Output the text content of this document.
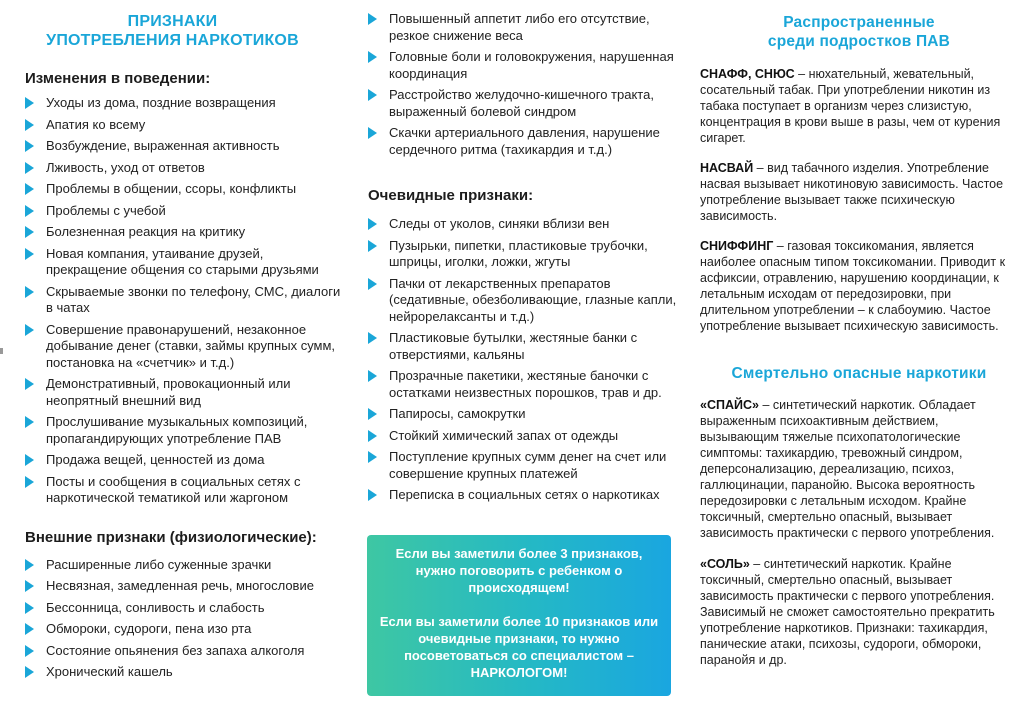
ПРИЗНАКИ
УПОТРЕБЛЕНИЯ НАРКОТИКОВ
Изменения в поведении:
Уходы из дома, поздние возвращения
Апатия ко всему
Возбуждение, выраженная активность
Лживость, уход от ответов
Проблемы в общении, ссоры, конфликты
Проблемы с учебой
Болезненная реакция на критику
Новая компания, утаивание друзей, прекращение общения со старыми друзьями
Скрываемые звонки по телефону, СМС, диалоги в чатах
Совершение правонарушений, незаконное добывание денег (ставки, займы крупных сумм, постановка на «счетчик» и т.д.)
Демонстративный, провокационный или неопрятный внешний вид
Прослушивание музыкальных композиций, пропагандирующих употребление ПАВ
Продажа вещей, ценностей из дома
Посты и сообщения в социальных сетях с наркотической тематикой или жаргоном
Внешние признаки (физиологические):
Расширенные либо суженные зрачки
Несвязная, замедленная речь, многословие
Бессонница, сонливость и слабость
Обмороки, судороги, пена изо рта
Состояние опьянения без запаха алкоголя
Хронический кашель
Повышенный аппетит либо его отсутствие, резкое снижение веса
Головные боли и головокружения, нарушенная координация
Расстройство желудочно-кишечного тракта, выраженный болевой синдром
Скачки артериального давления, нарушение сердечного ритма (тахикардия и т.д.)
Очевидные признаки:
Следы от уколов, синяки вблизи вен
Пузырьки, пипетки, пластиковые трубочки, шприцы, иголки, ложки, жгуты
Пачки от лекарственных препаратов (седативные, обезболивающие, глазные капли, нейрорелаксанты и т.д.)
Пластиковые бутылки, жестяные банки с отверстиями, кальяны
Прозрачные пакетики, жестяные баночки с остатками неизвестных порошков, трав и др.
Папиросы, самокрутки
Стойкий химический запах от одежды
Поступление крупных сумм денег на счет или совершение крупных платежей
Переписка в социальных сетях о наркотиках

Если вы заметили более 3 признаков, нужно поговорить с ребенком о происходящем!

Если вы заметили более 10 признаков или очевидные признаки, то нужно посоветоваться со специалистом – НАРКОЛОГОМ!

Распространенные
среди подростков ПАВ

СНАФФ, СНЮС – нюхательный, жевательный, сосательный табак. При употреблении никотин из табака поступает в организм через слизистую, концентрация в крови выше в разы, чем от курения сигарет.

НАСВАЙ – вид табачного изделия. Употребление насвая вызывает никотиновую зависимость. Частое употребление вызывает также психическую зависимость.

СНИФФИНГ – газовая токсикомания, является наиболее опасным типом токсикомании. Приводит к асфиксии, отравлению, нарушению координации, к летальным исходам от передозировки, при длительном употреблении – к слабоумию. Частое употребление вызывает психическую зависимость.

Смертельно опасные наркотики

«СПАЙС» – синтетический наркотик. Обладает выраженным психоактивным действием, вызывающим тяжелые психопатологические симптомы: тахикардию, тревожный синдром, деперсонализацию, дереализацию, психоз, галлюцинации, паранойю. Высока вероятность передозировки с летальным исходом. Крайне токсичный, смертельно опасный, вызывает зависимость практически с первого употребления.

«СОЛЬ» – синтетический наркотик. Крайне токсичный, смертельно опасный, вызывает зависимость практически с первого употребления. Зависимый не сможет самостоятельно прекратить употребление наркотиков. Признаки: тахикардия, панические атаки, психозы, судороги, обмороки, паранойя и др.
